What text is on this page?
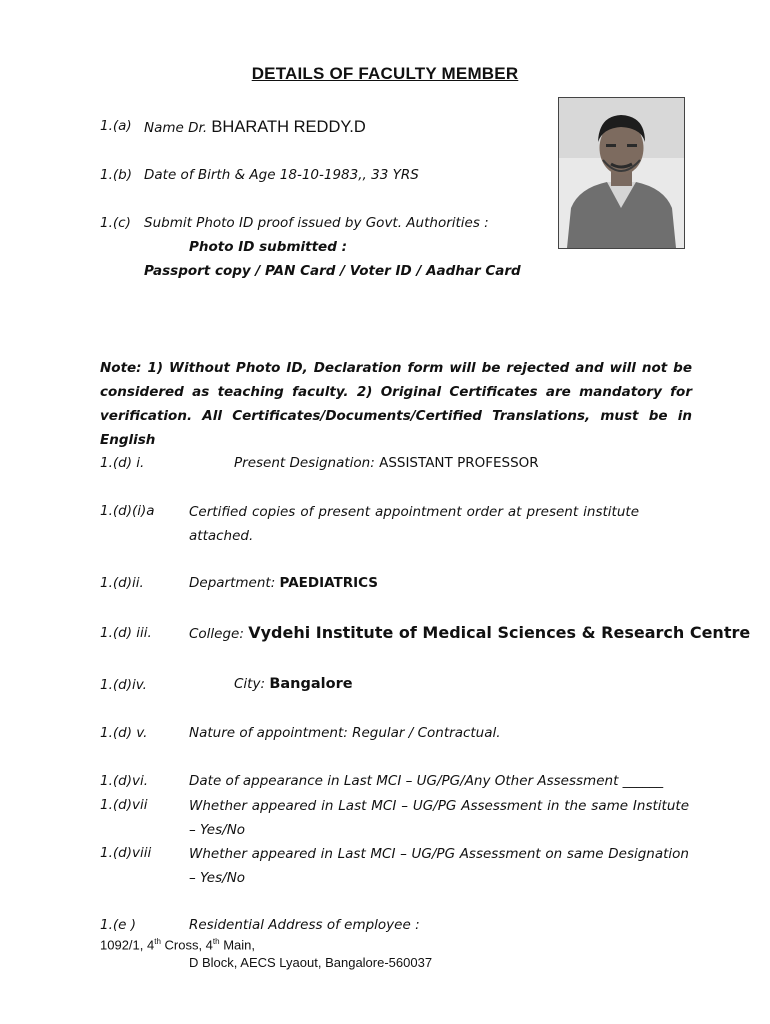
DETAILS OF FACULTY MEMBER
1.(a) Name Dr. BHARATH REDDY.D
1.(b) Date of Birth & Age 18-10-1983,, 33 YRS
1.(c) Submit Photo ID proof issued by Govt. Authorities :
Photo ID submitted :
Passport copy / PAN Card / Voter ID / Aadhar Card
Note: 1) Without Photo ID, Declaration form will be rejected and will not be considered as teaching faculty. 2) Original Certificates are mandatory for verification. All Certificates/Documents/Certified Translations, must be in English
1.(d) i.	Present Designation: ASSISTANT PROFESSOR
1.(d)(i)a	Certified copies of present appointment order at present institute attached.
1.(d)ii.	Department: PAEDIATRICS
1.(d) iii.	College: Vydehi Institute of Medical Sciences & Research Centre
1.(d)iv.	City: Bangalore
1.(d) v.	Nature of appointment: Regular / Contractual.
1.(d)vi.	Date of appearance in Last MCI – UG/PG/Any Other Assessment ______
1.(d)vii	Whether appeared in Last MCI – UG/PG Assessment in the same Institute – Yes/No
1.(d)viii	Whether appeared in Last MCI – UG/PG Assessment on same Designation – Yes/No
1.(e )	Residential Address of employee :
1092/1, 4th Cross, 4th Main,
D Block, AECS Lyaout, Bangalore-560037
